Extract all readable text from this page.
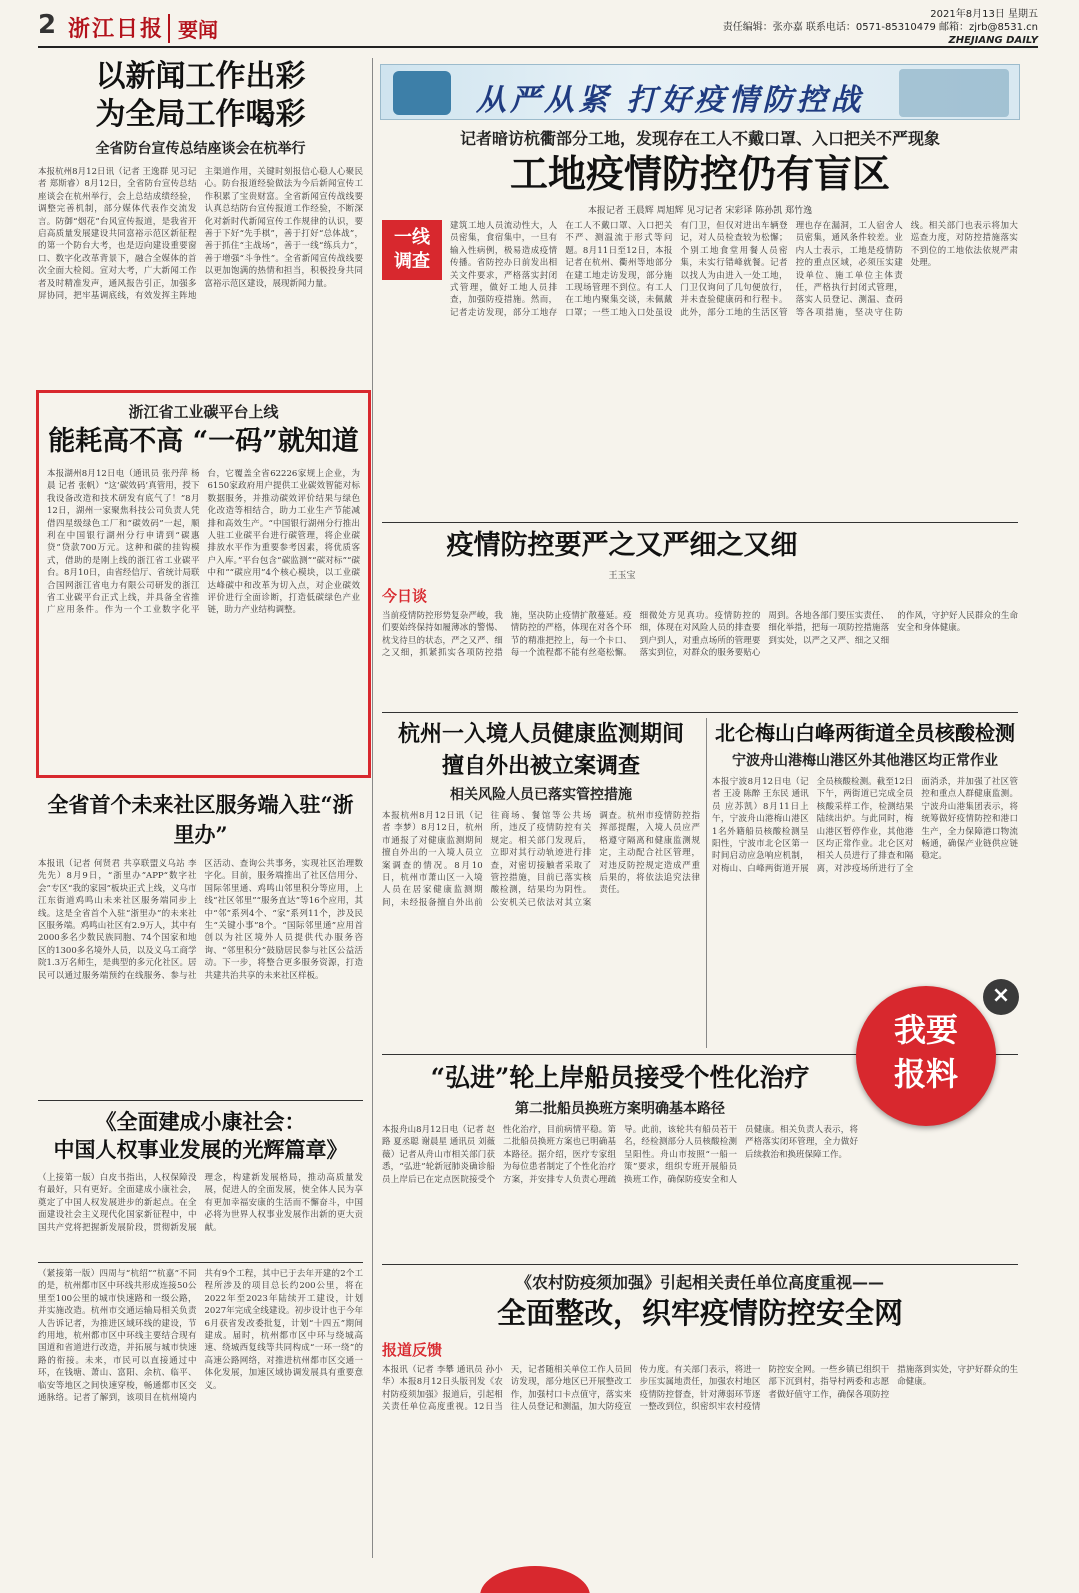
2 浙江日报 要闻
2021年8月13日 星期五
责任编辑：张亦嘉 联系电话：0571-85310479 邮箱：zjrb@8531.cn
ZHEJIANG DAILY
以新闻工作出彩
为全局工作喝彩
全省防台宣传总结座谈会在杭举行
本报杭州8月12日讯（记者 王逸群 见习记者 郑斯睿）8月12日，全省防台宣传总结座谈会在杭州举行，会上总结成绩经验，调整完善机制，部分媒体代表作交流发言。防御“烟花”台风宣传报道，是我省开启高质量发展建设共同富裕示范区新征程的第一个防台大考，也是迈向建设重要窗口、数字化改革背景下，融合全媒体的首次全面大检阅。宣对大考，广大新闻工作者及时精准发声，通风报告引正，加强多屏协同，把牢基调底线，有效发挥主阵地主渠道作用，关键时刻报信心稳人心聚民心。防台报道经验做法为今后新闻宣传工作积累了宝贵财富。全省新闻宣传战线要认真总结防台宣传报道工作经验，不断深化对新时代新闻宣传工作规律的认识，要善于下好“先手棋”，善于打好“总体战”，善于抓住“主战场”，善于一线“练兵力”，善于增强“斗争性”。全省新闻宣传战线要以更加饱满的热情和担当，积极投身共同富裕示范区建设，展现新闻力量。
浙江省工业碳平台上线
能耗高不高 “一码”就知道
本报湖州8月12日电（通讯员 张丹萍 杨晨 记者 张帆）“这‘碳效码’真管用，授下我设备改造和技术研发有底气了！”8月12日，湖州一家聚焦科技公司负责人凭借四星级绿色工厂和“碳效码”一起，顺利在中国银行湖州分行申请到“碳惠贷”贷款700万元。这种和碳的挂钩模式，借助的是刚上线的浙江省工业碳平台。8月10日，由省经信厅、省统计局联合国网浙江省电力有限公司研发的浙江省工业碳平台正式上线，并具备全省推广应用条件。作为一个工业数字化平台，它覆盖全省62226家规上企业，为6150家政府用户提供工业碳效智能对标数据服务，并推动碳效评价结果与绿色化改造等相结合，助力工业生产节能减排和高效生产。“中国银行湖州分行推出人驻工业碳平台进行碳管理，将企业碳排放水平作为重要参考因素，将优质客户入库。”平台包含“碳监测”“碳对标”“碳中和”“碳应用”4个核心模块，以工业碳达峰碳中和改革为切入点，对企业碳效评价进行全面诊断，打造低碳绿色产业链，助力产业结构调整。
全省首个未来社区服务端入驻“浙里办”
本报讯（记者 何贤君 共享联盟义乌站 李先先）8月9日，“浙里办”APP“数字社会”专区“我的家园”板块正式上线，义乌市江东街道鸡鸣山未来社区服务端同步上线。这是全省首个入驻“浙里办”的未来社区服务端。鸡鸣山社区有2.9万人，其中有2000多名少数民族同胞、74个国家和地区的1300多名境外人员，以及义乌工商学院1.3万名师生，是典型的多元化社区。居民可以通过服务端预约在线服务、参与社区活动、查询公共事务，实现社区治理数字化。目前，服务端推出了社区信用分、国际邻里通、鸡鸣山邻里积分等应用，上线“社区邻里”“服务直达”等16个应用，其中“邻”系列4个、“家”系列11个，涉及民生“关键小事”8个。“国际邻里通”应用首创以为社区境外人员提供代办服务咨询、“邻里积分”鼓励居民参与社区公益活动。下一步，将整合更多服务资源，打造共建共治共享的未来社区样板。
《全面建成小康社会：
中国人权事业发展的光辉篇章》
（上接第一版）白皮书指出，人权保障没有最好，只有更好。全面建成小康社会，奠定了中国人权发展进步的新起点。在全面建设社会主义现代化国家新征程中，中国共产党将把握新发展阶段，贯彻新发展理念，构建新发展格局，推动高质量发展，促进人的全面发展，使全体人民为享有更加幸福安康的生活而不懈奋斗，中国必将为世界人权事业发展作出新的更大贡献。
（紧接第一版）四周与“杭绍”“杭嘉”不同的是，杭州都市区中环线共形成连接50公里至100公里的城市快速路和一级公路，并实施改造。杭州市交通运输局相关负责人告诉记者，为推进区域环线的建设，节约用地，杭州都市区中环线主要结合现有国道和省道进行改造，并拓展与城市快速路的衔接。未来，市民可以直接通过中环，在钱塘、萧山、富阳、余杭、临平、临安等地区之间快速穿梭，畅通都市区交通脉络。记者了解到，该项目在杭州境内共有9个工程，其中已于去年开建的2个工程所涉及的项目总长约200公里，将在2022年至2023年陆续开工建设，计划2027年完成全线建设。初步设计也于今年6月获省发改委批复，计划“十四五”期间建成。届时，杭州都市区中环与绕城高速、绕城西复线等共同构成“一环一绕”的高速公路网络，对推进杭州都市区交通一体化发展，加速区域协调发展具有重要意义。
从严从紧 打好疫情防控战
记者暗访杭衢部分工地，发现存在工人不戴口罩、入口把关不严现象
工地疫情防控仍有盲区
本报记者 王晨辉 周旭辉 见习记者 宋彩译 陈孙凯 郑竹逸
一线调查
建筑工地人员流动性大，人员密集，食宿集中，一旦有输入性病例，极易造成疫情传播。省防控办日前发出相关文件要求，严格落实封闭式管理，做好工地人员排查，加强防疫措施。然而，记者走访发现，部分工地存在工人不戴口罩、入口把关不严、测温流于形式等问题。8月11日至12日，本报记者在杭州、衢州等地部分在建工地走访发现，部分施工现场管理不到位。有工人在工地内聚集交谈，未佩戴口罩；一些工地入口处虽设有门卫，但仅对进出车辆登记，对人员检查较为松懈；个别工地食堂用餐人员密集，未实行错峰就餐。记者以找人为由进入一处工地，门卫仅询问了几句便放行，并未查验健康码和行程卡。此外，部分工地的生活区管理也存在漏洞，工人宿舍人员密集，通风条件较差。业内人士表示，工地是疫情防控的重点区域，必须压实建设单位、施工单位主体责任，严格执行封闭式管理，落实人员登记、测温、查码等各项措施，坚决守住防线。相关部门也表示将加大巡查力度，对防控措施落实不到位的工地依法依规严肃处理。
疫情防控要严之又严细之又细
王玉宝
今日谈
当前疫情防控形势复杂严峻，我们要始终保持如履薄冰的警惕、枕戈待旦的状态，严之又严、细之又细，抓紧抓实各项防控措施，坚决防止疫情扩散蔓延。疫情防控的严格，体现在对各个环节的精准把控上，每一个卡口、每一个流程都不能有丝毫松懈。细微处方见真功。疫情防控的细，体现在对风险人员的排查要到户到人，对重点场所的管理要落实到位，对群众的服务要贴心周到。各地各部门要压实责任、细化举措，把每一项防控措施落到实处，以严之又严、细之又细的作风，守护好人民群众的生命安全和身体健康。
杭州一入境人员健康监测期间
擅自外出被立案调查
相关风险人员已落实管控措施
本报杭州8月12日讯（记者 李梦）8月12日，杭州市通报了对健康监测期间擅自外出的一入境人员立案调查的情况。8月10日，杭州市萧山区一入境人员在居家健康监测期间，未经报备擅自外出前往商场、餐馆等公共场所，违反了疫情防控有关规定。相关部门发现后，立即对其行动轨迹进行排查，对密切接触者采取了管控措施，目前已落实核酸检测，结果均为阴性。公安机关已依法对其立案调查。杭州市疫情防控指挥部提醒，入境人员应严格遵守隔离和健康监测规定，主动配合社区管理，对违反防控规定造成严重后果的，将依法追究法律责任。
北仑梅山白峰两街道全员核酸检测
宁波舟山港梅山港区外其他港区均正常作业
本报宁波8月12日电（记者 王凌 陈醉 王东民 通讯员 应苏凯）8月11日上午，宁波舟山港梅山港区1名外籍船员核酸检测呈阳性，宁波市北仑区第一时间启动应急响应机制，对梅山、白峰两街道开展全员核酸检测。截至12日下午，两街道已完成全员核酸采样工作，检测结果陆续出炉。与此同时，梅山港区暂停作业，其他港区均正常作业。北仑区对相关人员进行了排查和隔离，对涉疫场所进行了全面消杀，并加强了社区管控和重点人群健康监测。宁波舟山港集团表示，将统筹做好疫情防控和港口生产，全力保障港口物流畅通，确保产业链供应链稳定。
“弘进”轮上岸船员接受个性化治疗
第二批船员换班方案明确基本路径
本报舟山8月12日电（记者 赵路 夏丞聪 谢晨星 通讯员 刘薇薇）记者从舟山市相关部门获悉，“弘进”轮新冠肺炎确诊船员上岸后已在定点医院接受个性化治疗，目前病情平稳。第二批船员换班方案也已明确基本路径。据介绍，医疗专家组为每位患者制定了个性化治疗方案，并安排专人负责心理疏导。此前，该轮共有船员若干名，经检测部分人员核酸检测呈阳性。舟山市按照“一船一策”要求，组织专班开展船员换班工作，确保防疫安全和人员健康。相关负责人表示，将严格落实闭环管理，全力做好后续救治和换班保障工作。
《农村防疫须加强》引起相关责任单位高度重视——
全面整改，织牢疫情防控安全网
报道反馈
本报讯（记者 李攀 通讯员 孙小华）本报8月12日头版刊发《农村防疫须加强》报道后，引起相关责任单位高度重视。12日当天，记者随相关单位工作人员回访发现，部分地区已开展整改工作，加强村口卡点值守，落实来往人员登记和测温，加大防疫宣传力度。有关部门表示，将进一步压实属地责任，加强农村地区疫情防控督查，针对薄弱环节逐一整改到位，织密织牢农村疫情防控安全网。一些乡镇已组织干部下沉到村，指导村两委和志愿者做好值守工作，确保各项防控措施落到实处，守护好群众的生命健康。
我要
报料
×
